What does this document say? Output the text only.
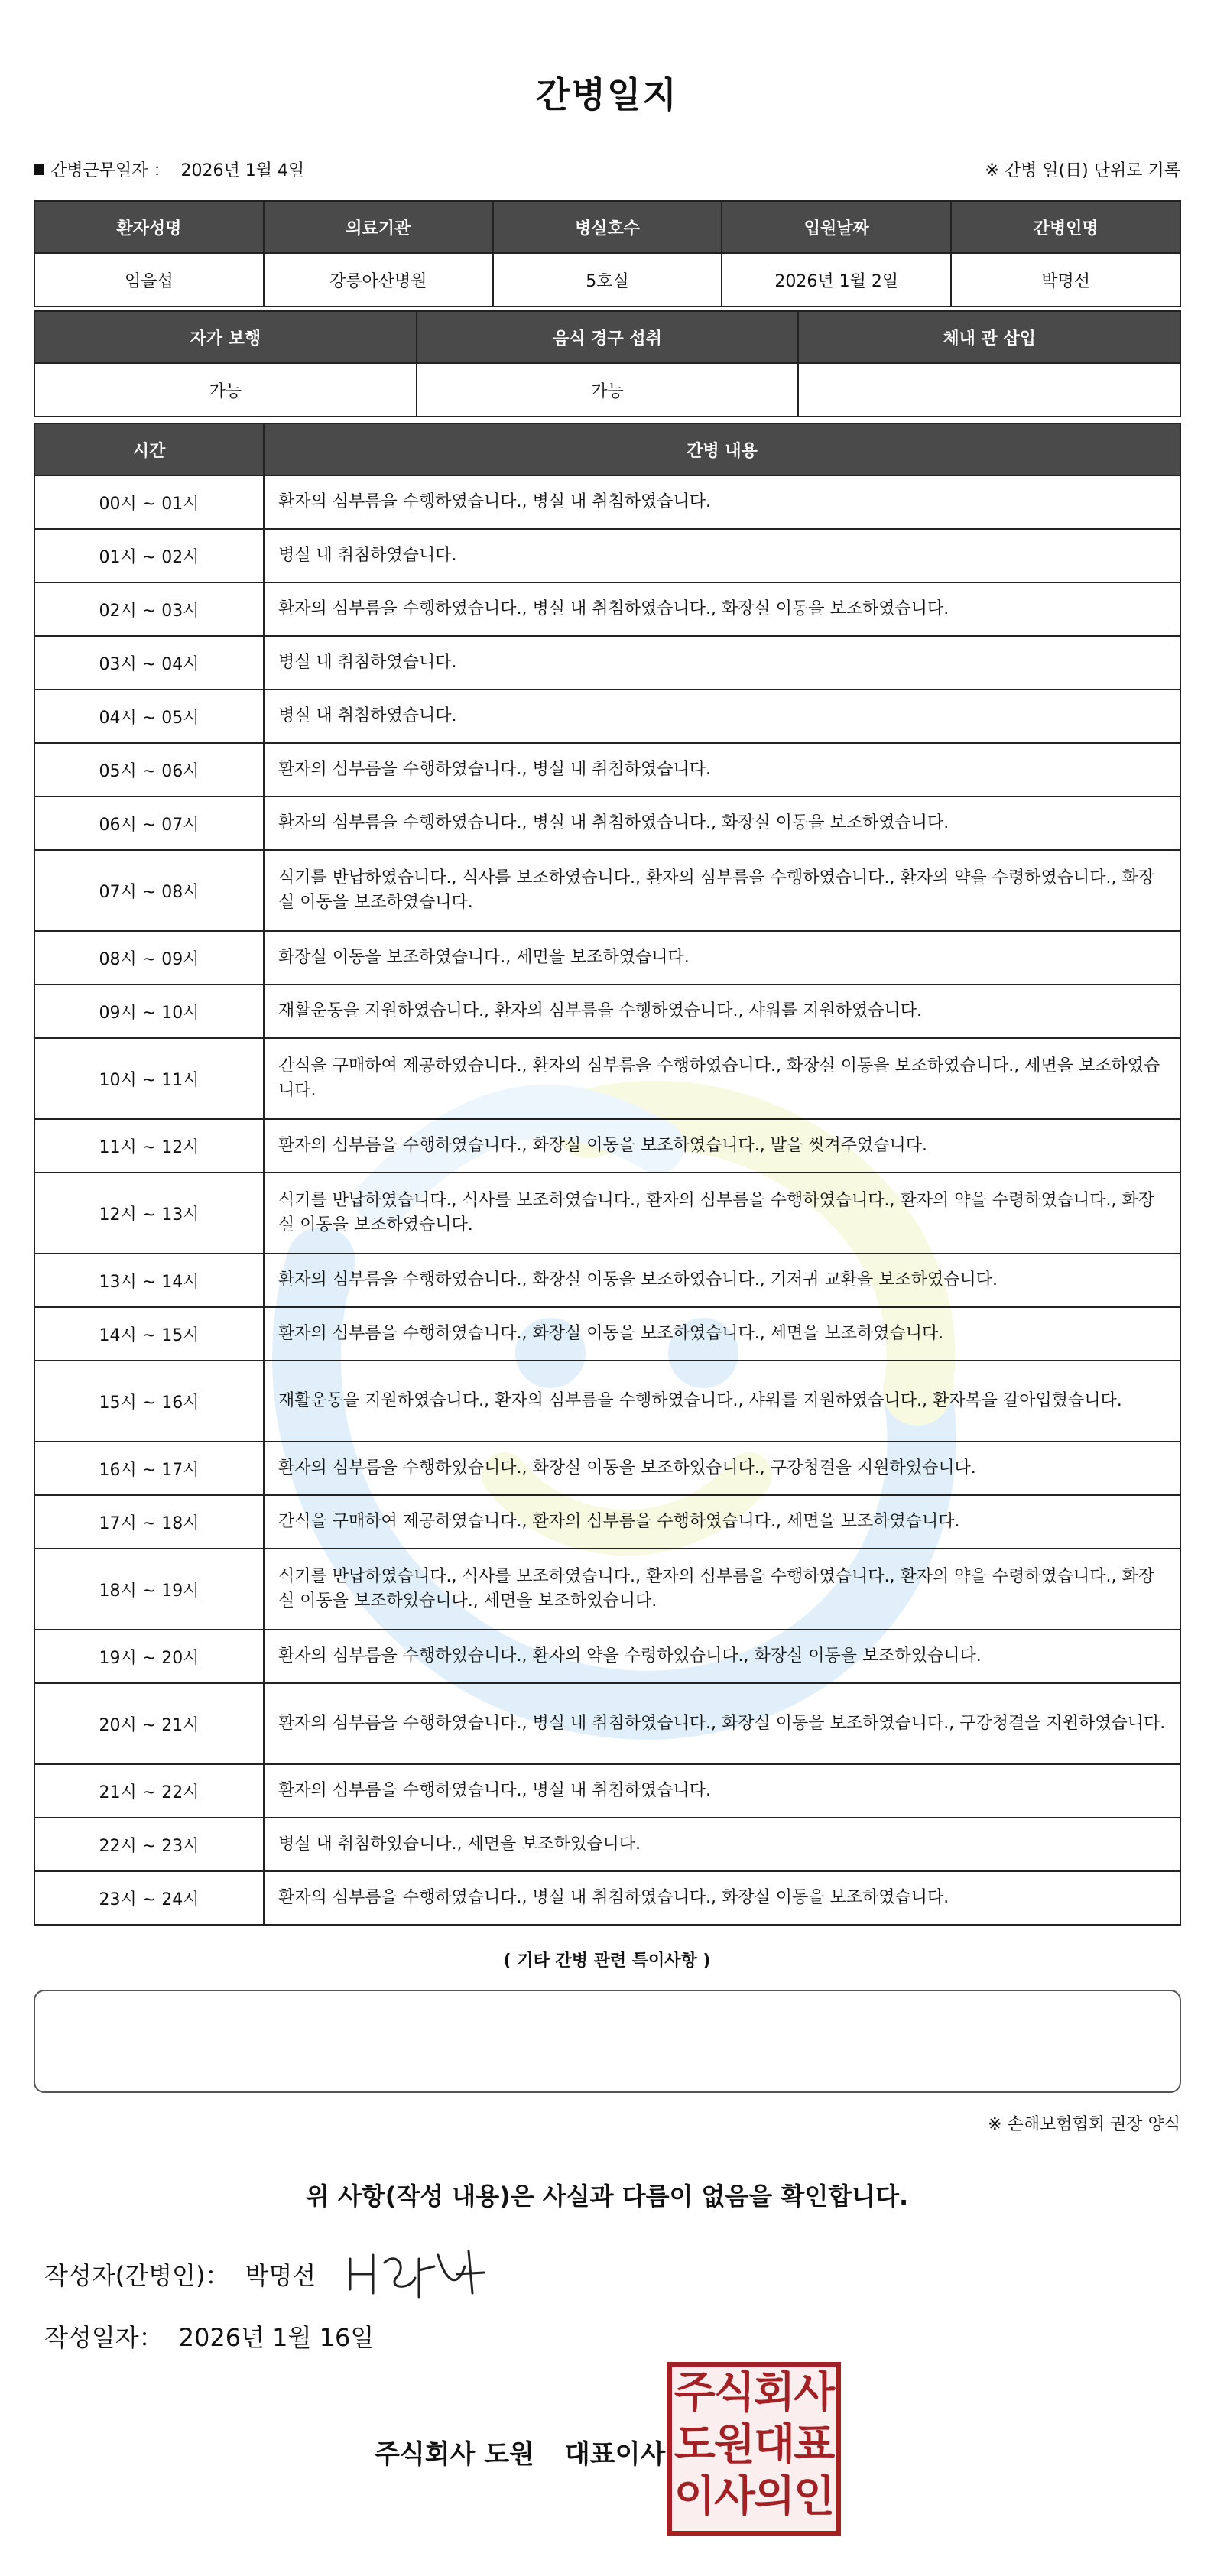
간병일지
간병근무일자 ： 2026년 1월 4일	※ 간병 일(日) 단위로 기록
환자성명	의료기관	병실호수	입원날짜	간병인명
엄을섭	강릉아산병원	5호실	2026년 1월 2일	박명선
자가 보행	음식 경구 섭취	체내 관 삽입
가능	가능	
시간	간병 내용
00시 ~ 01시	환자의 심부름을 수행하였습니다., 병실 내 취침하였습니다.
01시 ~ 02시	병실 내 취침하였습니다.
02시 ~ 03시	환자의 심부름을 수행하였습니다., 병실 내 취침하였습니다., 화장실 이동을 보조하였습니다.
03시 ~ 04시	병실 내 취침하였습니다.
04시 ~ 05시	병실 내 취침하였습니다.
05시 ~ 06시	환자의 심부름을 수행하였습니다., 병실 내 취침하였습니다.
06시 ~ 07시	환자의 심부름을 수행하였습니다., 병실 내 취침하였습니다., 화장실 이동을 보조하였습니다.
07시 ~ 08시	식기를 반납하였습니다., 식사를 보조하였습니다., 환자의 심부름을 수행하였습니다., 환자의 약을 수령하였습니다., 화장실 이동을 보조하였습니다.
08시 ~ 09시	화장실 이동을 보조하였습니다., 세면을 보조하였습니다.
09시 ~ 10시	재활운동을 지원하였습니다., 환자의 심부름을 수행하였습니다., 샤워를 지원하였습니다.
10시 ~ 11시	간식을 구매하여 제공하였습니다., 환자의 심부름을 수행하였습니다., 화장실 이동을 보조하였습니다., 세면을 보조하였습니다.
11시 ~ 12시	환자의 심부름을 수행하였습니다., 화장실 이동을 보조하였습니다., 발을 씻겨주었습니다.
12시 ~ 13시	식기를 반납하였습니다., 식사를 보조하였습니다., 환자의 심부름을 수행하였습니다., 환자의 약을 수령하였습니다., 화장실 이동을 보조하였습니다.
13시 ~ 14시	환자의 심부름을 수행하였습니다., 화장실 이동을 보조하였습니다., 기저귀 교환을 보조하였습니다.
14시 ~ 15시	환자의 심부름을 수행하였습니다., 화장실 이동을 보조하였습니다., 세면을 보조하였습니다.
15시 ~ 16시	재활운동을 지원하였습니다., 환자의 심부름을 수행하였습니다., 샤워를 지원하였습니다., 환자복을 갈아입혔습니다.
16시 ~ 17시	환자의 심부름을 수행하였습니다., 화장실 이동을 보조하였습니다., 구강청결을 지원하였습니다.
17시 ~ 18시	간식을 구매하여 제공하였습니다., 환자의 심부름을 수행하였습니다., 세면을 보조하였습니다.
18시 ~ 19시	식기를 반납하였습니다., 식사를 보조하였습니다., 환자의 심부름을 수행하였습니다., 환자의 약을 수령하였습니다., 화장실 이동을 보조하였습니다., 세면을 보조하였습니다.
19시 ~ 20시	환자의 심부름을 수행하였습니다., 환자의 약을 수령하였습니다., 화장실 이동을 보조하였습니다.
20시 ~ 21시	환자의 심부름을 수행하였습니다., 병실 내 취침하였습니다., 화장실 이동을 보조하였습니다., 구강청결을 지원하였습니다.
21시 ~ 22시	환자의 심부름을 수행하였습니다., 병실 내 취침하였습니다.
22시 ~ 23시	병실 내 취침하였습니다., 세면을 보조하였습니다.
23시 ~ 24시	환자의 심부름을 수행하였습니다., 병실 내 취침하였습니다., 화장실 이동을 보조하였습니다.
( 기타 간병 관련 특이사항 )
※ 손해보험협회 권장 양식
위 사항(작성 내용)은 사실과 다름이 없음을 확인합니다.
작성자(간병인)： 박명선
작성일자： 2026년 1월 16일
주식회사 도원 대표이사
주식회사
도원대표
이사의인
